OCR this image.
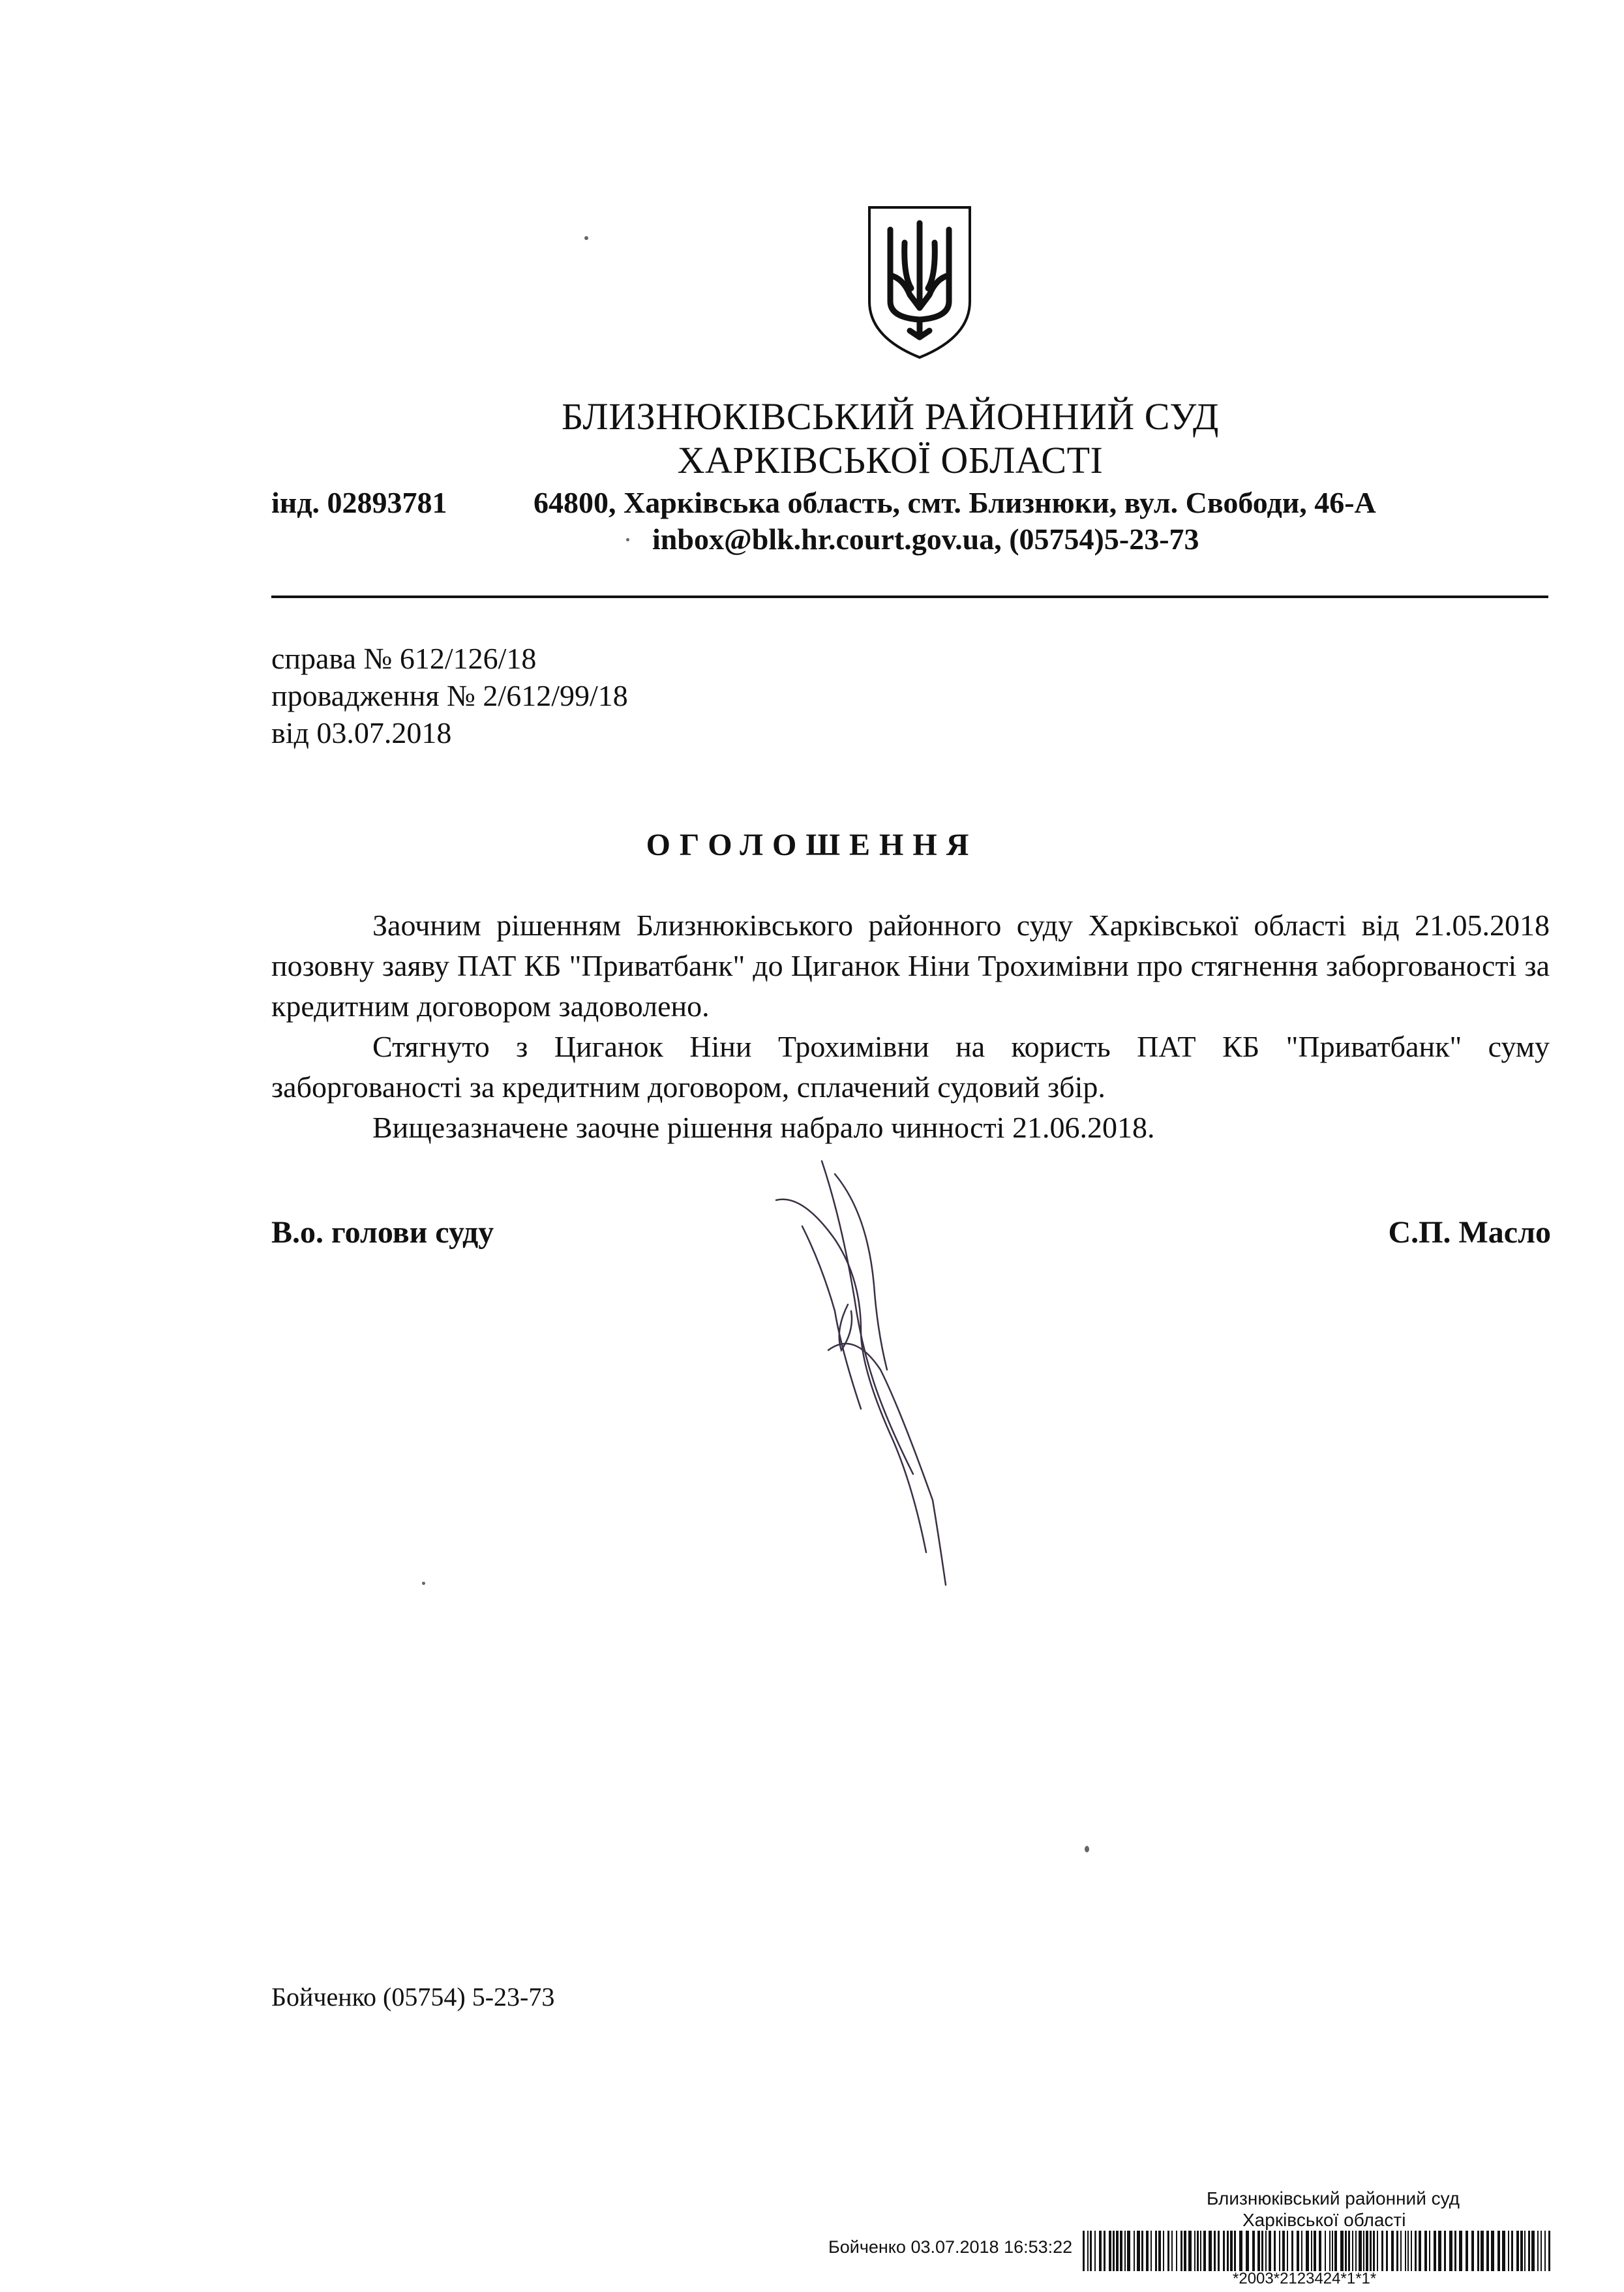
БЛИЗНЮКІВСЬКИЙ РАЙОННИЙ СУД
ХАРКІВСЬКОЇ ОБЛАСТІ
інд. 02893781	64800, Харківська область, смт. Близнюки, вул. Свободи, 46-А
inbox@blk.hr.court.gov.ua, (05754)5-23-73
справа № 612/126/18
провадження № 2/612/99/18
від 03.07.2018
ОГОЛОШЕННЯ
Заочним рішенням Близнюківського районного суду Харківської області від 21.05.2018 позовну заяву ПАТ КБ "Приватбанк" до Циганок Ніни Трохимівни про стягнення заборгованості за кредитним договором задоволено.
Стягнуто з Циганок Ніни Трохимівни на користь ПАТ КБ "Приватбанк" суму заборгованості за кредитним договором, сплачений судовий збір.
Вищезазначене заочне рішення набрало чинності 21.06.2018.
В.о. голови суду	С.П. Масло
Бойченко (05754) 5-23-73
Близнюківський районний суд
Харківської області
Бойченко 03.07.2018 16:53:22
*2003*2123424*1*1*
